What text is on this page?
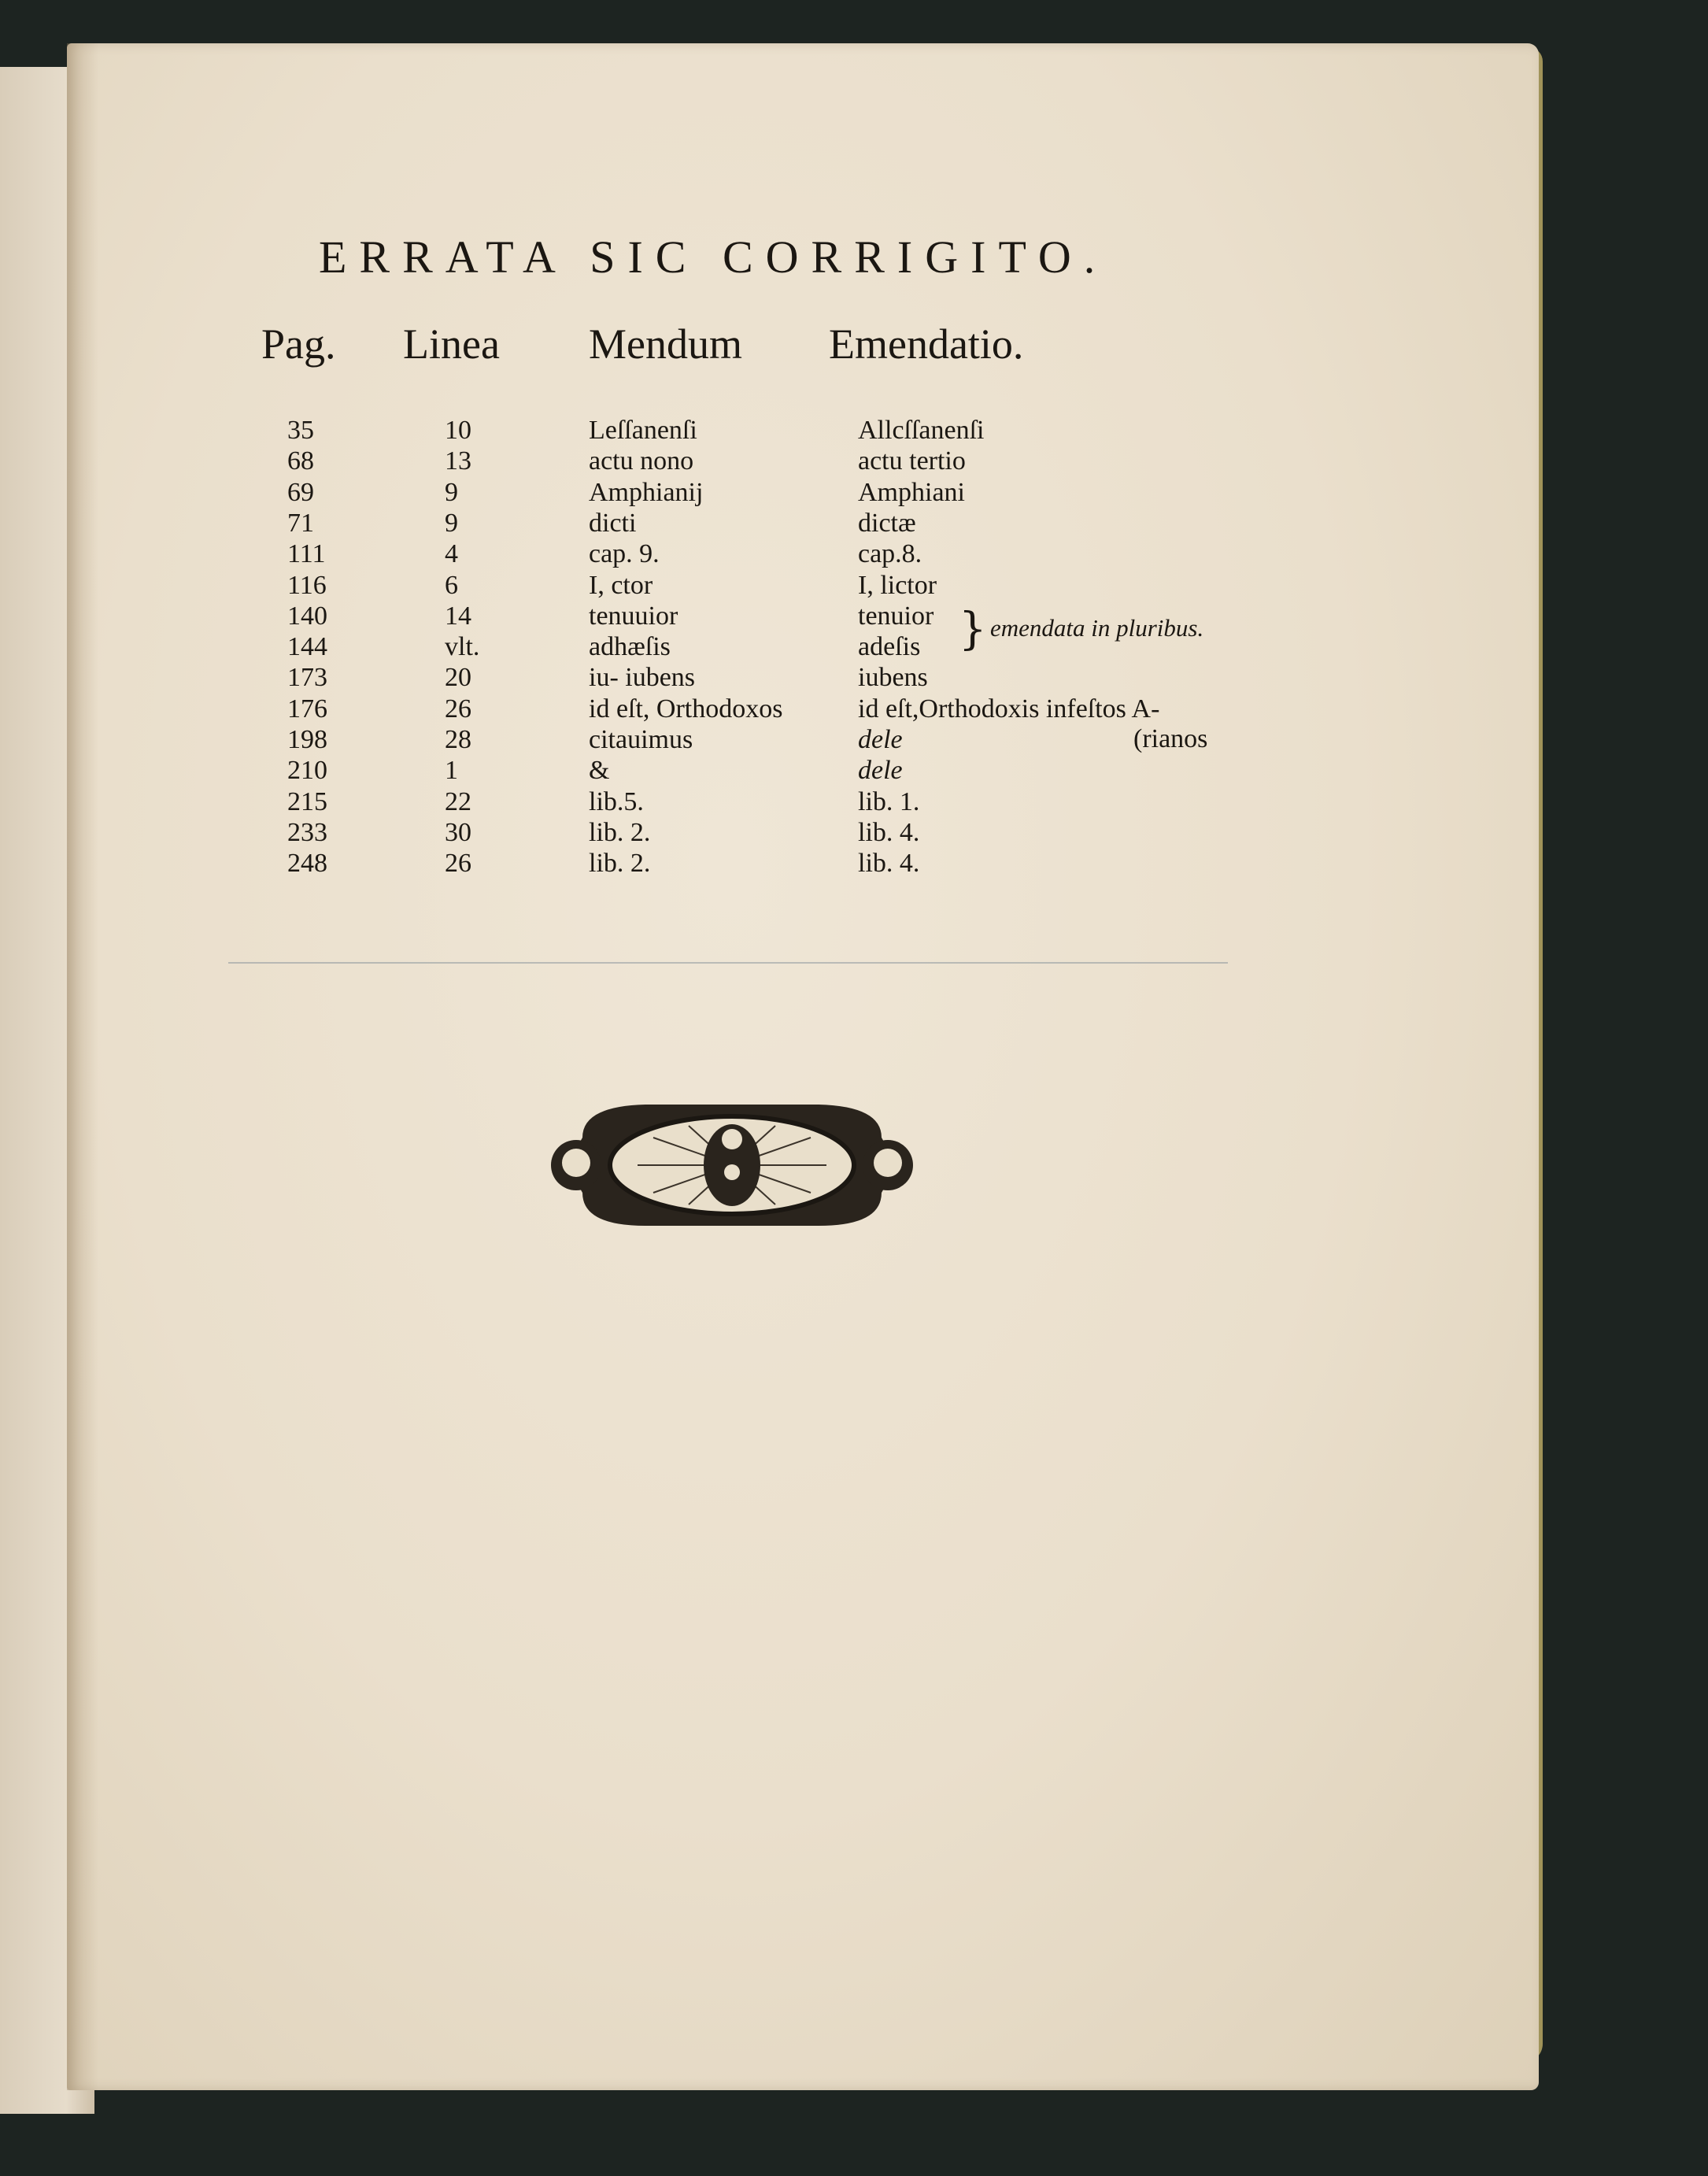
ERRATA SIC CORRIGITO.
Pag. Linea Mendum Emendatio.
35	10	Leſſanenſi	Allcſſanenſi
68	13	actu nono	actu tertio
69	9	Amphianij	Amphiani
71	9	dicti	dictæ
111	4	cap. 9.	cap.8.
116	6	I, ctor	I, lictor
140	14	tenuuior	tenuior
144	vlt.	adhæſis	adeſis
173	20	iu- iubens	iubens
176	26	id eſt, Orthodoxos	id eſt,Orthodoxis infeſtos A-
198	28	citauimus	dele
210	1	&	dele
215	22	lib.5.	lib. 1.
233	30	lib. 2.	lib. 4.
248	26	lib. 2.	lib. 4.
} emendata in pluribus.
(rianos
